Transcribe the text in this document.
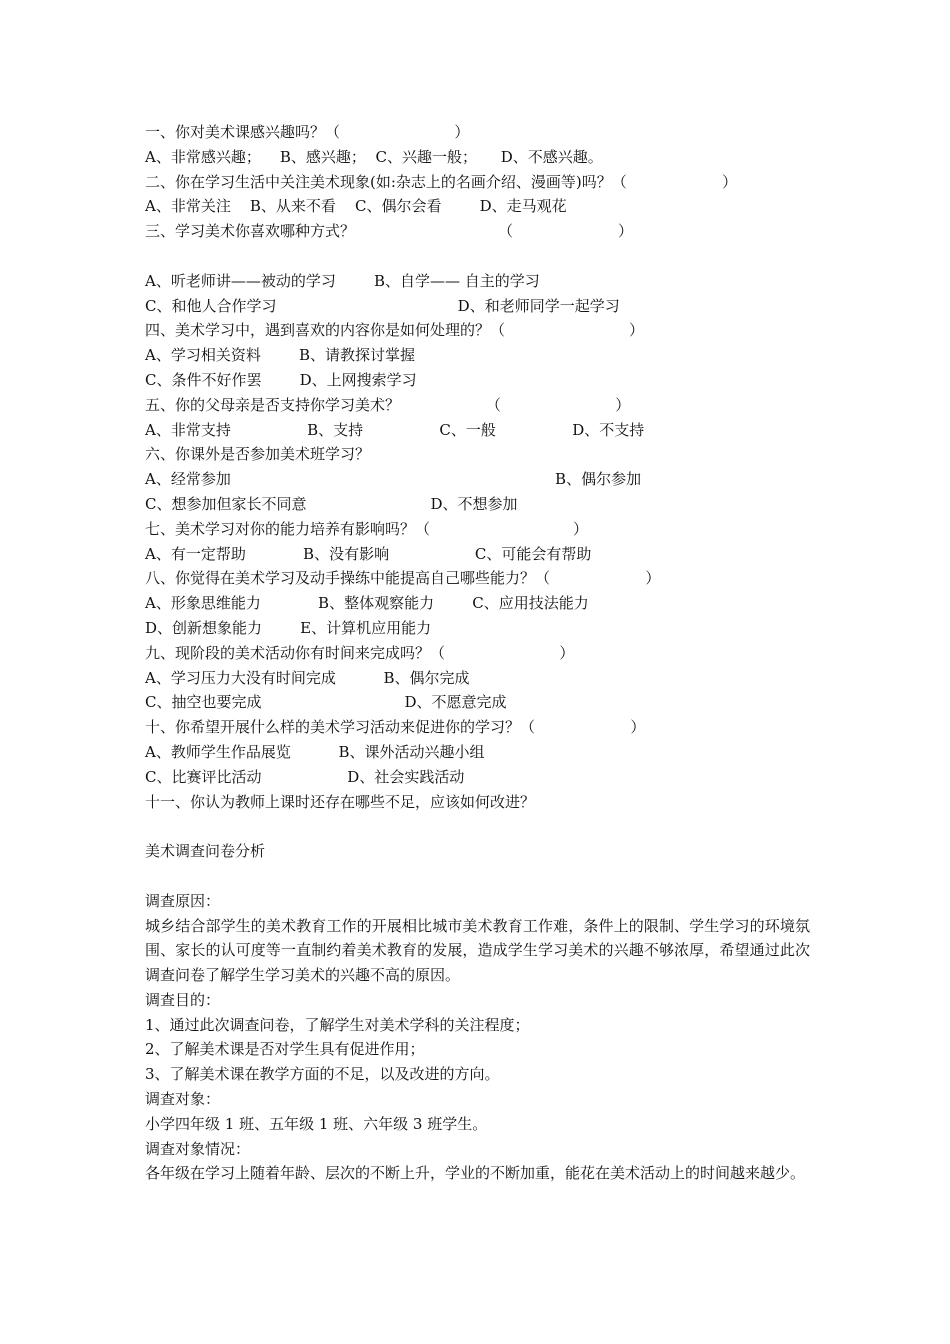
一、你对美术课感兴趣吗？（                        ）
A、非常感兴趣；    B、感兴趣；  C、兴趣一般；     D、不感兴趣。
二、你在学习生活中关注美术现象(如:杂志上的名画介绍、漫画等)吗？（                    ）
A、非常关注    B、从来不看    C、偶尔会看        D、走马观花
三、学习美术你喜欢哪种方式？                              （                      ）
A、听老师讲——被动的学习        B、自学—— 自主的学习
C、和他人合作学习                                      D、和老师同学一起学习
四、美术学习中，遇到喜欢的内容你是如何处理的？（                          ）
A、学习相关资料        B、请教探讨掌握
C、条件不好作罢        D、上网搜索学习
五、你的父母亲是否支持你学习美术？                  （                        ）
A、非常支持                B、支持                C、一般                D、不支持
六、你课外是否参加美术班学习？
A、经常参加                                                                    B、偶尔参加
C、想参加但家长不同意                          D、不想参加
七、美术学习对你的能力培养有影响吗？（                              ）
A、有一定帮助            B、没有影响                  C、可能会有帮助
八、你觉得在美术学习及动手操练中能提高自己哪些能力？（                    ）
A、形象思维能力            B、整体观察能力        C、应用技法能力
D、创新想象能力        E、计算机应用能力
九、现阶段的美术活动你有时间来完成吗？（                        ）
A、学习压力大没有时间完成          B、偶尔完成
C、抽空也要完成                              D、不愿意完成
十、你希望开展什么样的美术学习活动来促进你的学习？（                    ）
A、教师学生作品展览          B、课外活动兴趣小组
C、比赛评比活动                  D、社会实践活动
十一、你认为教师上课时还存在哪些不足，应该如何改进？
美术调查问卷分析
调查原因：
城乡结合部学生的美术教育工作的开展相比城市美术教育工作难，条件上的限制、学生学习的环境氛围、家长的认可度等一直制约着美术教育的发展，造成学生学习美术的兴趣不够浓厚，希望通过此次调查问卷了解学生学习美术的兴趣不高的原因。
调查目的：
1、通过此次调查问卷，了解学生对美术学科的关注程度；
2、了解美术课是否对学生具有促进作用；
3、了解美术课在教学方面的不足，以及改进的方向。
调查对象：
小学四年级 1 班、五年级 1 班、六年级 3 班学生。
调查对象情况：
各年级在学习上随着年龄、层次的不断上升，学业的不断加重，能花在美术活动上的时间越来越少。
